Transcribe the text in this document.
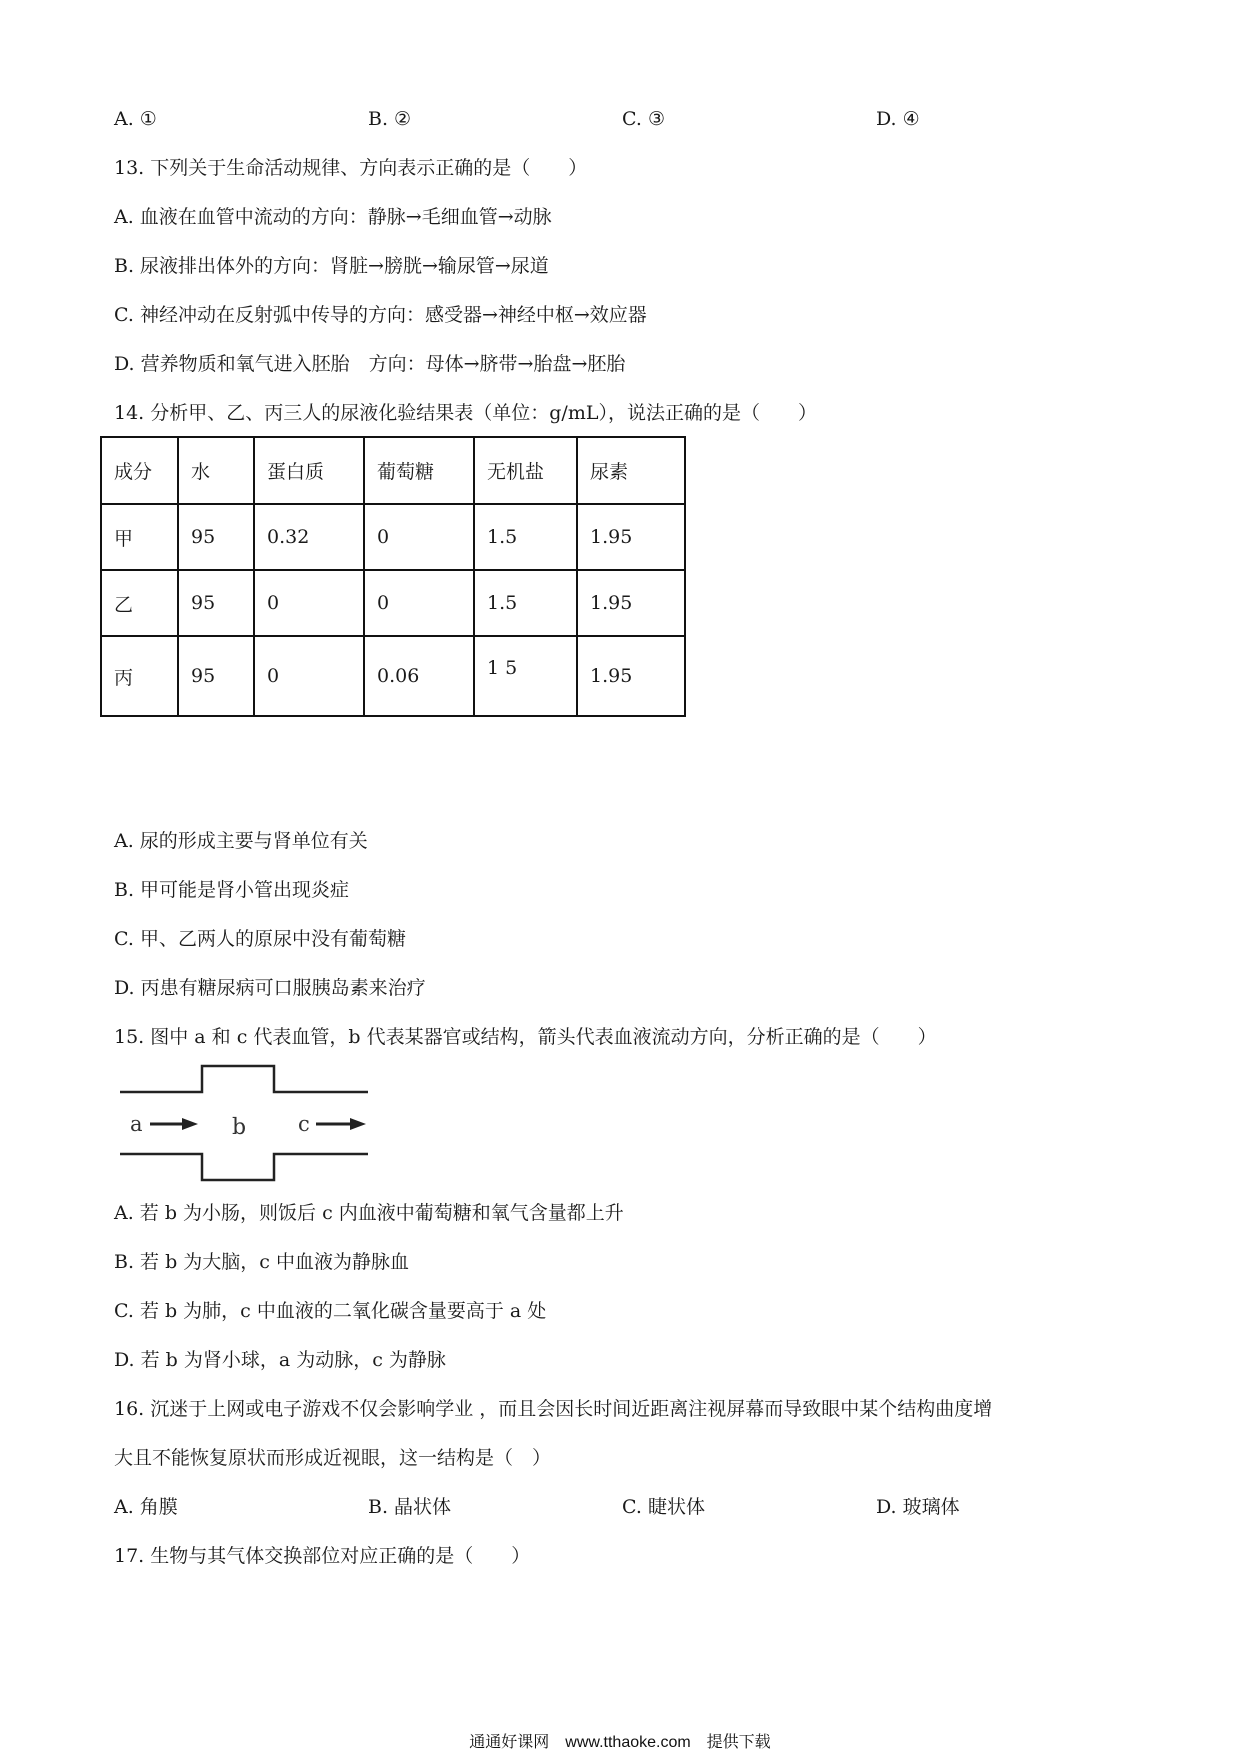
A. ①	B. ②	C. ③	D. ④
13. 下列关于生命活动规律、方向表示正确的是（　　）
A. 血液在血管中流动的方向：静脉→毛细血管→动脉
B. 尿液排出体外的方向：肾脏→膀胱→输尿管→尿道
C. 神经冲动在反射弧中传导的方向：感受器→神经中枢→效应器
D. 营养物质和氧气进入胚胎　方向：母体→脐带→胎盘→胚胎
14. 分析甲、乙、丙三人的尿液化验结果表（单位：g/mL），说法正确的是（　　）
成分	水	蛋白质	葡萄糖	无机盐	尿素
甲	95	0.32	0	1.5	1.95
乙	95	0	0	1.5	1.95
丙	95	0	0.06	1 5	1.95
A. 尿的形成主要与肾单位有关
B. 甲可能是肾小管出现炎症
C. 甲、乙两人的原尿中没有葡萄糖
D. 丙患有糖尿病可口服胰岛素来治疗
15. 图中 a 和 c 代表血管，b 代表某器官或结构，箭头代表血液流动方向，分析正确的是（　　）
a	b c
A. 若 b 为小肠，则饭后 c 内血液中葡萄糖和氧气含量都上升
B. 若 b 为大脑，c 中血液为静脉血
C. 若 b 为肺，c 中血液的二氧化碳含量要高于 a 处
D. 若 b 为肾小球，a 为动脉，c 为静脉
16. 沉迷于上网或电子游戏不仅会影响学业 ，而且会因长时间近距离注视屏幕而导致眼中某个结构曲度增
大且不能恢复原状而形成近视眼，这一结构是（　）
A. 角膜	B. 晶状体	C. 睫状体	D. 玻璃体
17. 生物与其气体交换部位对应正确的是（　　）
通通好课网　www.tthaoke.com　提供下载
